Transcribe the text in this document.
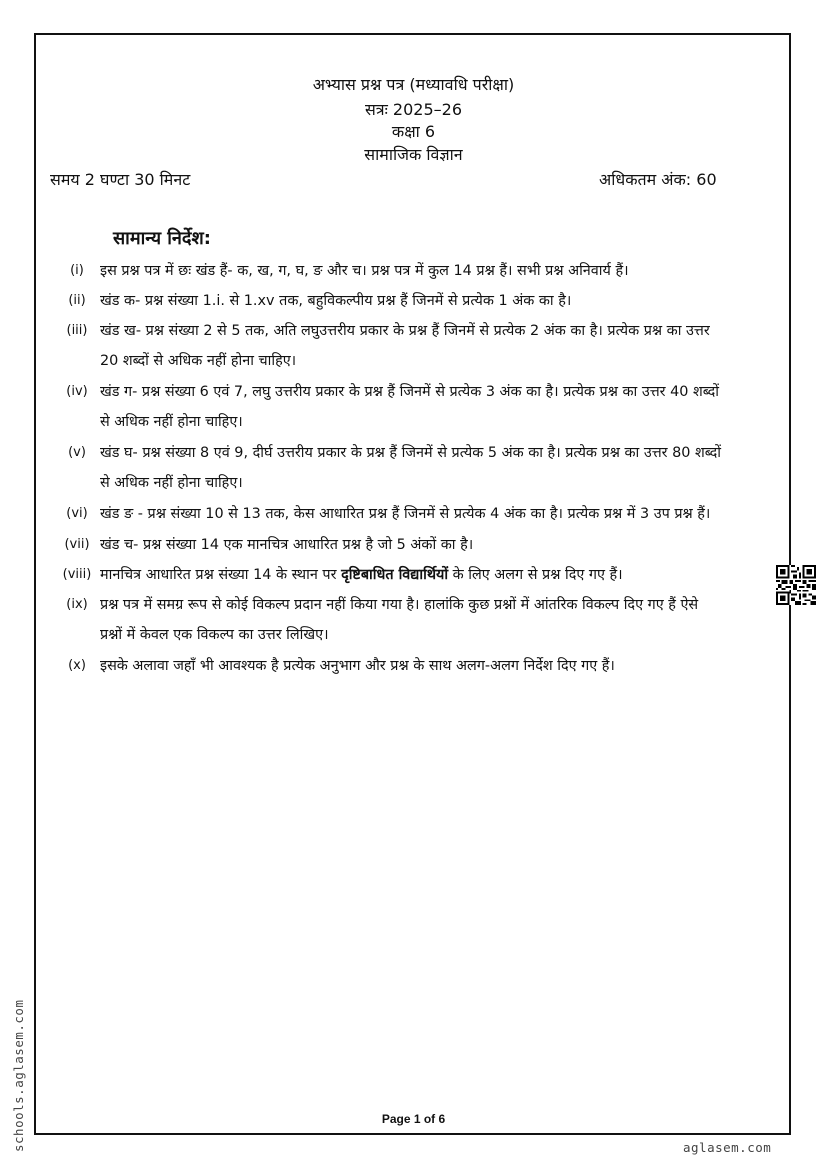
अभ्यास प्रश्न पत्र (मध्यावधि परीक्षा)
सत्रः 2025–26
कक्षा 6
सामाजिक विज्ञान
समय 2 घण्टा 30 मिनट	अधिकतम अंक: 60
सामान्य निर्देश:
(i)	इस प्रश्न पत्र में छः खंड हैं- क, ख, ग, घ, ङ और च। प्रश्न पत्र में कुल 14 प्रश्न हैं। सभी प्रश्न अनिवार्य हैं।
(ii) खंड क- प्रश्न संख्या 1.i. से 1.xv तक, बहुविकल्पीय प्रश्न हैं जिनमें से प्रत्येक 1 अंक का है।
(iii) खंड ख- प्रश्न संख्या 2 से 5 तक, अति लघुउत्तरीय प्रकार के प्रश्न हैं जिनमें से प्रत्येक 2 अंक का है। प्रत्येक प्रश्न का उत्तर
20 शब्दों से अधिक नहीं होना चाहिए।
(iv) खंड ग- प्रश्न संख्या 6 एवं 7, लघु उत्तरीय प्रकार के प्रश्न हैं जिनमें से प्रत्येक 3 अंक का है। प्रत्येक प्रश्न का उत्तर 40 शब्दों
से अधिक नहीं होना चाहिए।
(v) खंड घ- प्रश्न संख्या 8 एवं 9, दीर्घ उत्तरीय प्रकार के प्रश्न हैं जिनमें से प्रत्येक 5 अंक का है। प्रत्येक प्रश्न का उत्तर 80 शब्दों
से अधिक नहीं होना चाहिए।
(vi) खंड ङ - प्रश्न संख्या 10 से 13 तक, केस आधारित प्रश्न हैं जिनमें से प्रत्येक 4 अंक का है। प्रत्येक प्रश्न में 3 उप प्रश्न हैं।
(vii) खंड च- प्रश्न संख्या 14 एक मानचित्र आधारित प्रश्न है जो 5 अंकों का है।
(viii) मानचित्र आधारित प्रश्न संख्या 14 के स्थान पर दृष्टिबाधित विद्यार्थियों के लिए अलग से प्रश्न दिए गए हैं।
(ix) प्रश्न पत्र में समग्र रूप से कोई विकल्प प्रदान नहीं किया गया है। हालांकि कुछ प्रश्नों में आंतरिक विकल्प दिए गए हैं ऐसे
प्रश्नों में केवल एक विकल्प का उत्तर लिखिए।
(x) इसके अलावा जहाँ भी आवश्यक है प्रत्येक अनुभाग और प्रश्न के साथ अलग-अलग निर्देश दिए गए हैं।
schools.aglasem.com	Page 1 of 6
aglasem.com
